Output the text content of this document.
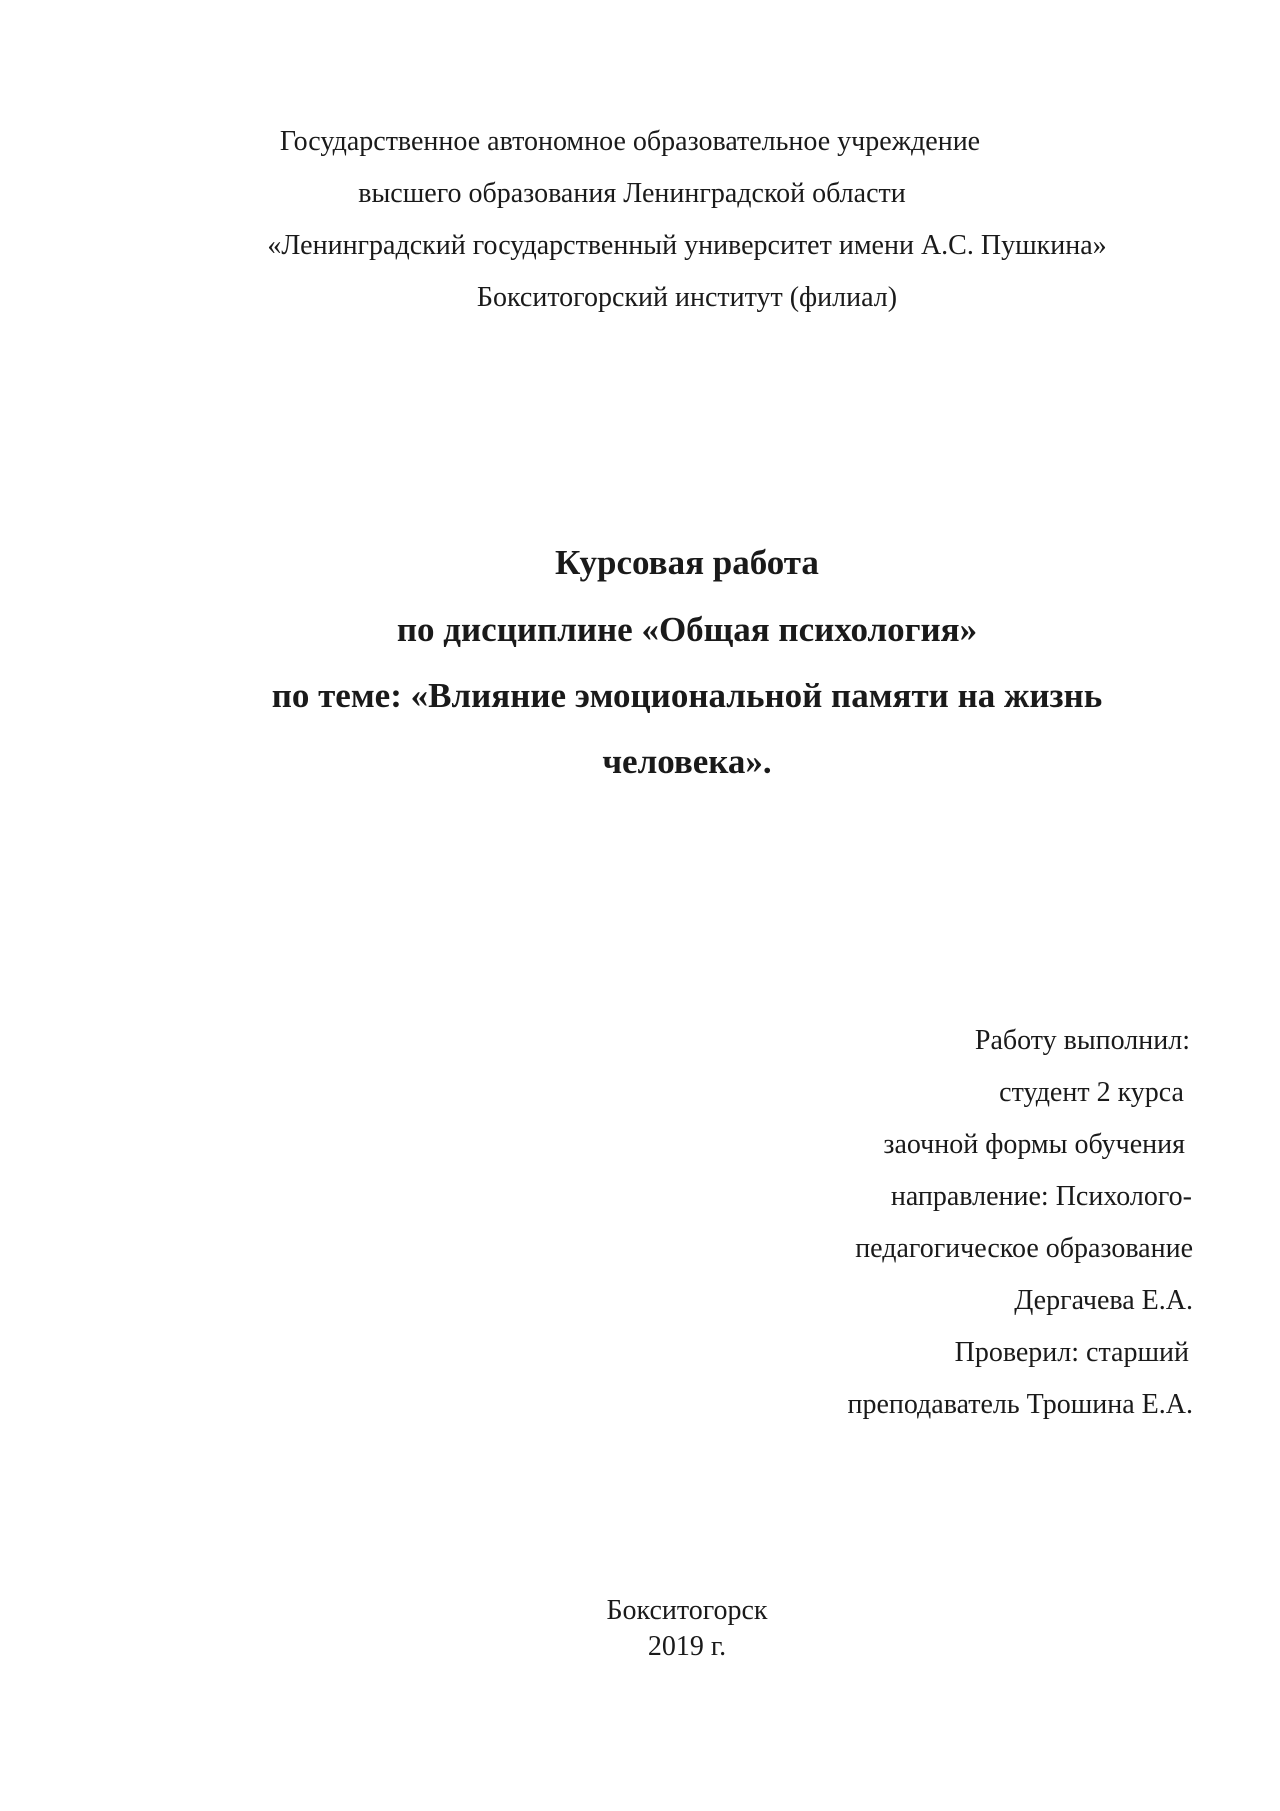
Государственное автономное образовательное учреждение
высшего образования Ленинградской области
«Ленинградский государственный университет имени А.С. Пушкина»
Бокситогорский институт (филиал)
Курсовая работа
по дисциплине «Общая психология»
по теме: «Влияние эмоциональной памяти на жизнь
человека».
Работу выполнил:
студент 2 курса
заочной формы обучения
направление: Психолого-
педагогическое образование
Дергачева Е.А.
Проверил: старший
преподаватель Трошина Е.А.
Бокситогорск
2019 г.
